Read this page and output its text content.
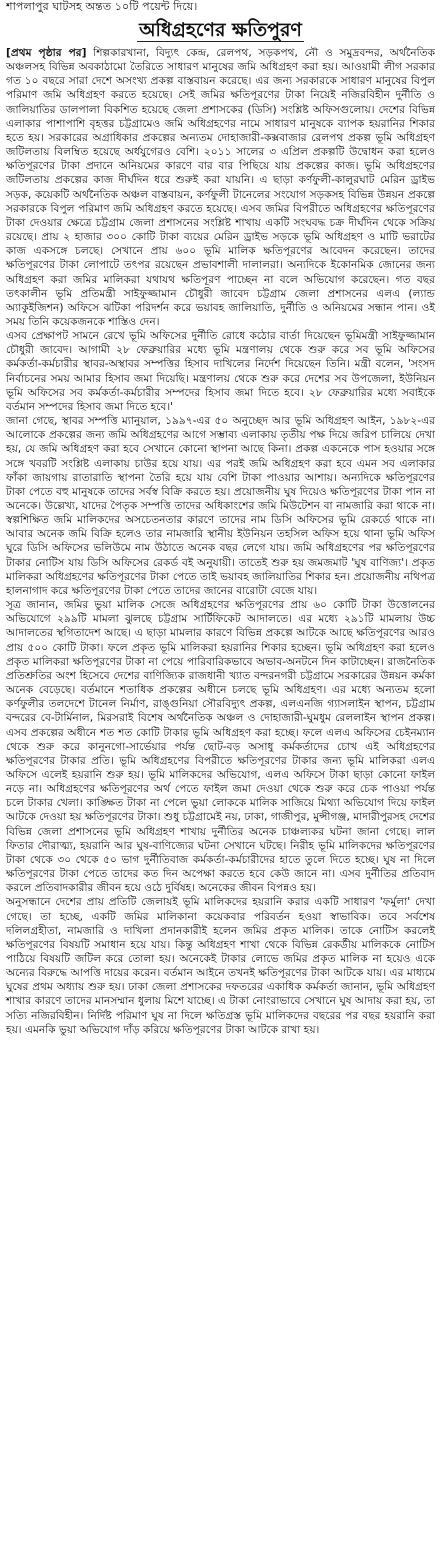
শাপলাপুর ঘাটসহ অন্তত ১০টি পয়েন্ট দিয়ে।

অধিগ্রহণের ক্ষতিপুরণ

[প্রথম পৃষ্ঠার পর] শিল্পকারখানা, বিদ্যুৎ কেন্দ্র, রেলপথ, সড়কপথ, নৌ ও সমুদ্রবন্দর, অর্থনৈতিক অঞ্চলসহ বিভিন্ন অবকাঠামো তৈরিতে সাধারণ মানুষের জমি অধিগ্রহণ করা হয়। আওয়ামী লীগ সরকার গত ১০ বছরে সারা দেশে অসংখ্য প্রকল্প বাস্তবায়ন করেছে। এর জন্য সরকারকে সাধারণ মানুষের বিপুল পরিমাণ জমি অধিগ্রহণ করতে হয়েছে। সেই জমির ক্ষতিপূরণের টাকা নিয়েই নজিরবিহীন দুর্নীতি ও জালিয়াতির ডালপালা বিকশিত হয়েছে জেলা প্রশাসকের (ডিসি) সংশ্লিষ্ট অফিসগুলোয়। দেশের বিভিন্ন এলাকার পাশাপাশি বৃহত্তর চট্টগ্রামেও জমি অধিগ্রহণের নামে সাধারণ মানুষকে ব্যাপক হয়রানির শিকার হতে হয়। সরকারের অগ্রাধিকার প্রকল্পের অন্যতম দোহাজারী-কক্সবাজার রেলপথ প্রকল্প ভূমি অধিগ্রহণ জটিলতায় বিলম্বিত হয়েছে অর্ধযুগেরও বেশি। ২০১১ সালের ৩ এপ্রিল প্রকল্পটি উদ্বোধন করা হলেও ক্ষতিপূরণের টাকা প্রদানে অনিয়মের কারণে বার বার পিছিয়ে যায় প্রকল্পের কাজ। ভূমি অধিগ্রহণের জটিলতায় প্রকল্পের কাজ দীর্ঘদিন ধরে শুরুই করা যায়নি। এ ছাড়া কর্ণফুলী-কালুরঘাট মেরিন ড্রাইভ সড়ক, কয়েকটি অর্থনৈতিক অঞ্চল বাস্তবায়ন, কর্ণফুলী টানেলের সংযোগ সড়কসহ বিভিন্ন উন্নয়ন প্রকল্পে সরকারকে বিপুল পরিমাণ জমি অধিগ্রহণ করতে হয়েছে। এসব জমির বিপরীতে অধিগ্রহণের ক্ষতিপূরণের টাকা দেওয়ার ক্ষেত্রে চট্টগ্রাম জেলা প্রশাসনের সংশ্লিষ্ট শাখায় একটি সংঘবদ্ধ চক্র দীর্ঘদিন থেকে সক্রিয় রয়েছে। প্রায় ২ হাজার ৩০০ কোটি টাকা ব্যয়ের মেরিন ড্রাইভ সড়কে ভূমি অধিগ্রহণ ও মাটি ভরাটের কাজ একসঙ্গে চলছে। সেখানে প্রায় ৬০০ ভূমি মালিক ক্ষতিপূরণের আবেদন করেছেন। তাদের ক্ষতিপূরণের টাকা লোপাটে তৎপর রয়েছেন প্রভাবশালী দালালরা। অন্যদিকে ইকোনমিক জোনের জন্য অধিগ্রহণ করা জমির মালিকরা যথাযথ ক্ষতিপূরণ পাচ্ছেন না বলে অভিযোগ করেছেন। গত বছর তৎকালীন ভূমি প্রতিমন্ত্রী সাইফুজ্জামান চৌধুরী জাবেদ চট্টগ্রাম জেলা প্রশাসনের এলএ (ল্যান্ড অ্যাকুইজিশন) অফিসে ঝটিকা পরিদর্শন করে ভয়াবহ জালিয়াতি, দুর্নীতি ও অনিয়মের সন্ধান পান। ওই সময় তিনি কয়েকজনকে শাস্তিও দেন।

এসব প্রেক্ষাপট সামনে রেখে ভূমি অফিসের দুর্নীতি রোধে কঠোর বার্তা দিয়েছেন ভূমিমন্ত্রী সাইফুজ্জামান চৌধুরী জাবেদ। আগামী ২৮ ফেব্রুয়ারির মধ্যে ভূমি মন্ত্রণালয় থেকে শুরু করে সব ভূমি অফিসের কর্মকর্তা-কর্মচারীর স্থাবর-অস্থাবর সম্পত্তির হিসাব দাখিলের নির্দেশ দিয়েছেন তিনি। মন্ত্রী বলেন, 'সংসদ নির্বাচনের সময় আমার হিসাব জমা দিয়েছি। মন্ত্রণালয় থেকে শুরু করে দেশের সব উপজেলা, ইউনিয়ন ভূমি অফিসের সব কর্মকর্তা-কর্মচারীর সম্পদের হিসাব জমা দিতে হবে। ২৮ ফেব্রুয়ারির মধ্যে সবাইকে বর্তমান সম্পদের হিসাব জমা দিতে হবে।'

জানা গেছে, স্থাবর সম্পত্তি ম্যানুয়াল, ১৯৯৭-এর ৫০ অনুচ্ছেদ আর ভূমি অধিগ্রহণ আইন, ১৯৮২-এর আলোকে প্রকল্পের জন্য জমি অধিগ্রহণের আগে সম্ভাব্য এলাকায় তৃতীয় পক্ষ দিয়ে জরিপ চালিয়ে দেখা হয়, যে জমি অধিগ্রহণ করা হবে সেখানে কোনো স্থাপনা আছে কিনা। প্রকল্প একনেকে পাস হওয়ার সঙ্গে সঙ্গে খবরটি সংশ্লিষ্ট এলাকায় চাউর হয়ে যায়। এর পরই জমি অধিগ্রহণ করা হবে এমন সব এলাকার ফাঁকা জায়গায় রাতারাতি স্থাপনা তৈরি হয়ে যায় বেশি টাকা পাওয়ার আশায়। অন্যদিকে ক্ষতিপূরণের টাকা পেতে বহু মানুষকে তাদের সর্বস্ব বিক্রি করতে হয়। প্রয়োজনীয় ঘুষ দিয়েও ক্ষতিপূরণের টাকা পান না অনেকে। উল্লেখ্য, যাদের পৈতৃক সম্পত্তি তাদের অধিকাংশের জমি মিউটেশন বা নামজারি করা থাকে না। স্বল্পশিক্ষিত জমি মালিকদের অসচেতনতার কারণে তাদের নাম ডিসি অফিসের ভূমি রেকর্ডে থাকে না। আবার অনেক জমি বিক্রি হলেও তার নামজারি স্থানীয় ইউনিয়ন তহসিল অফিস হয়ে থানা ভূমি অফিস ঘুরে ডিসি অফিসের ভলিউমে নাম উঠাতে অনেক বছর লেগে যায়। জমি অধিগ্রহণের পর ক্ষতিপূরণের টাকার নোটিস যায় ডিসি অফিসের রেকর্ড বই অনুযায়ী। তাতেই শুরু হয় জমজমাট 'ঘুষ বাণিজ্য'। প্রকৃত মালিকরা অধিগ্রহণের ক্ষতিপূরণের টাকা পেতে তাই ভয়াবহ জালিয়াতির শিকার হন। প্রয়োজনীয় নথিপত্র হালনাগাদ করে ক্ষতিপূরণের টাকা পেতে তাদের জানের বারোটা বেজে যায়।

সূত্র জানান, জমির ভুয়া মালিক সেজে অধিগ্রহণের ক্ষতিপূরণের প্রায় ৬০ কোটি টাকা উত্তোলনের অভিযোগে ২৯৯টি মামলা ঝুলছে চট্টগ্রাম সার্টিফিকেট আদালতে। এর মধ্যে ২৯১টি মামলায় উচ্চ আদালতের স্থগিতাদেশ আছে। এ ছাড়া মামলার কারণে বিভিন্ন প্রকল্পে আটকে আছে ক্ষতিপূরণের আরও প্রায় ৫০০ কোটি টাকা। ফলে প্রকৃত ভূমি মালিকরা হয়রানির শিকার হচ্ছেন। ভূমি অধিগ্রহণ করা হলেও প্রকৃত মালিকরা ক্ষতিপূরণের টাকা না পেয়ে পারিবারিকভাবে অভাব-অনটনে দিন কাটাচ্ছেন। রাজনৈতিক প্রতিশ্রুতির অংশ হিসেবে দেশের বাণিজ্যিক রাজধানী খ্যাত বন্দরনগরী চট্টগ্রামে সরকারের উন্নয়ন কর্মকা অনেক বেড়েছে। বর্তমানে শতাধিক প্রকল্পের অধীনে চলছে ভূমি অধিগ্রহণ। এর মধ্যে অন্যতম হলো কর্ণফুলীর তলদেশে টানেল নির্মাণ, রাঙ্গুনিয়া সৌরবিদ্যুৎ প্রকল্প, এলএনজি গ্যাসলাইন স্থাপন, চট্টগ্রাম বন্দরের বে-টার্মিনাল, মিরসরাই বিশেষ অর্থনৈতিক অঞ্চল ও দোহাজারী-ঘুমধুম রেললাইন স্থাপন প্রকল্প। এসব প্রকল্পের অধীনে শত শত কোটি টাকার ভূমি অধিগ্রহণ করা হচ্ছে। ফলে এলএ অফিসের চেইনম্যান থেকে শুরু করে কানুনগো-সার্ভেয়ার পর্যন্ত ছোট-বড় অসাধু কর্মকর্তাদের চোখ এই অধিগ্রহণের ক্ষতিপূরণের টাকার প্রতি। ভূমি অধিগ্রহণের বিপরীতে ক্ষতিপূরণের টাকার জন্য ভূমি মালিকরা এলএ অফিসে এলেই হয়রানি শুরু হয়। ভূমি মালিকদের অভিযোগ, এলএ অফিসে টাকা ছাড়া কোনো ফাইল নড়ে না। অধিগ্রহণের ক্ষতিপূরণের অর্থ পেতে ফাইল জমা দেওয়া থেকে শুরু করে চেক পাওয়া পর্যন্ত চলে টাকার খেলা। কাঙ্ক্ষিত টাকা না পেলে ভুয়া লোককে মালিক সাজিয়ে মিথ্যা অভিযোগ দিয়ে ফাইল আটকে দেওয়া হয় ক্ষতিপূরণের টাকা। শুধু চট্টগ্রামেই নয়, ঢাকা, গাজীপুর, মুন্সীগঞ্জ, মাদারীপুরসহ দেশের বিভিন্ন জেলা প্রশাসনের ভূমি অধিগ্রহণ শাখায় দুর্নীতির অনেক চাঞ্চল্যকর ঘটনা জানা গেছে। লাল ফিতার দৌরাত্ম্য, হয়রানি আর ঘুষ-বাণিজ্যের ঘটনা সেখানে ঘটছে। নিরীহ ভূমি মালিকদের ক্ষতিপূরণের টাকা থেকে ৩০ থেকে ৫০ ভাগ দুর্নীতিবাজ কর্মকর্তা-কর্মচারীদের হাতে তুলে দিতে হচ্ছে। ঘুষ না দিলে ক্ষতিপূরণের টাকা পেতে তাদের কত দিন অপেক্ষা করতে হবে কেউ জানে না। এসব দুর্নীতির প্রতিবাদ করলে প্রতিবাদকারীর জীবন হয়ে ওঠে দুর্বিষহ। অনেকের জীবন বিপন্নও হয়।

অনুসন্ধানে দেশের প্রায় প্রতিটি জেলায়ই ভূমি মালিকদের হয়রানি করার একটি সাধারণ 'ফর্মুলা' দেখা গেছে। তা হচ্ছে, একটি জমির মালিকানা কয়েকবার পরিবর্তন হওয়া স্বাভাবিক। তবে সর্বশেষ দলিলগ্রহীতা, নামজারি ও দাখিলা প্রদানকারীই হলেন জমির প্রকৃত মালিক। তাকে নোটিস করলেই ক্ষতিপূরণের বিষয়টি সমাধান হয়ে যায়। কিন্তু অধিগ্রহণ শাখা থেকে বিভিন্ন রেকর্ডীয় মালিককে নোটিস পাঠিয়ে বিষয়টি জটিল করে তোলা হয়। অনেকেই টাকার লোভে জমির প্রকৃত মালিক না হয়েও একে অন্যের বিরুদ্ধে আপত্তি দায়ের করেন। বর্তমান আইনে তখনই ক্ষতিপূরণের টাকা আটকে যায়। এর মাধ্যমে ঘুষের প্রথম অধ্যায় শুরু হয়। ঢাকা জেলা প্রশাসকের দফতরের একাধিক কর্মকর্তা জানান, ভূমি অধিগ্রহণ শাখার কারণে তাদের মানসম্মান ধুলায় মিশে যাচ্ছে। এ টাকা নোংরাভাবে সেখানে ঘুষ আদায় করা হয়, তা সত্যি নজিরবিহীন। নির্দিষ্ট পরিমাণ ঘুষ না দিলে ক্ষতিগ্রস্ত ভূমি মালিকদের বছরের পর বছর হয়রানি করা হয়। এমনকি ভুয়া অভিযোগ দাঁড় করিয়ে ক্ষতিপূরণের টাকা আটকে রাখা হয়।
